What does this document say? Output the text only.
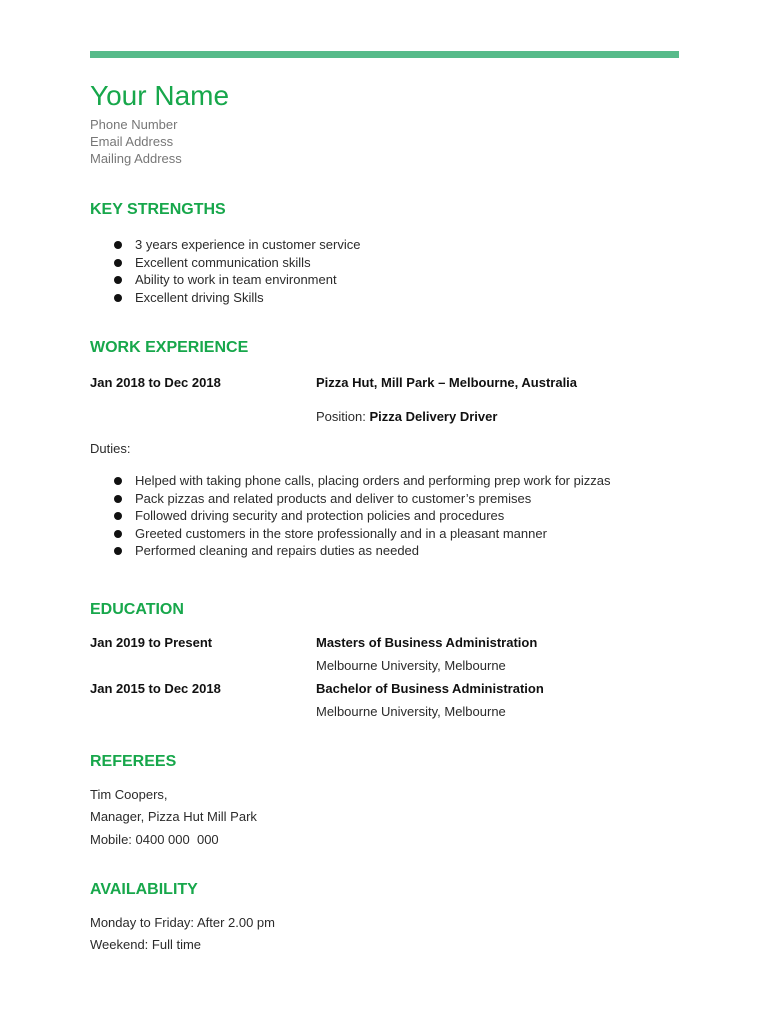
Your Name
Phone Number
Email Address
Mailing Address
KEY STRENGTHS
3 years experience in customer service
Excellent communication skills
Ability to work in team environment
Excellent driving Skills
WORK EXPERIENCE
Jan 2018 to Dec 2018	Pizza Hut, Mill Park – Melbourne, Australia
Position: Pizza Delivery Driver
Duties:
Helped with taking phone calls, placing orders and performing prep work for pizzas
Pack pizzas and related products and deliver to customer’s premises
Followed driving security and protection policies and procedures
Greeted customers in the store professionally and in a pleasant manner
Performed cleaning and repairs duties as needed
EDUCATION
Jan 2019 to Present	Masters of Business Administration
Melbourne University, Melbourne
Jan 2015 to Dec 2018	Bachelor of Business Administration
Melbourne University, Melbourne
REFEREES
Tim Coopers,
Manager, Pizza Hut Mill Park
Mobile: 0400 000  000
AVAILABILITY
Monday to Friday: After 2.00 pm
Weekend: Full time
